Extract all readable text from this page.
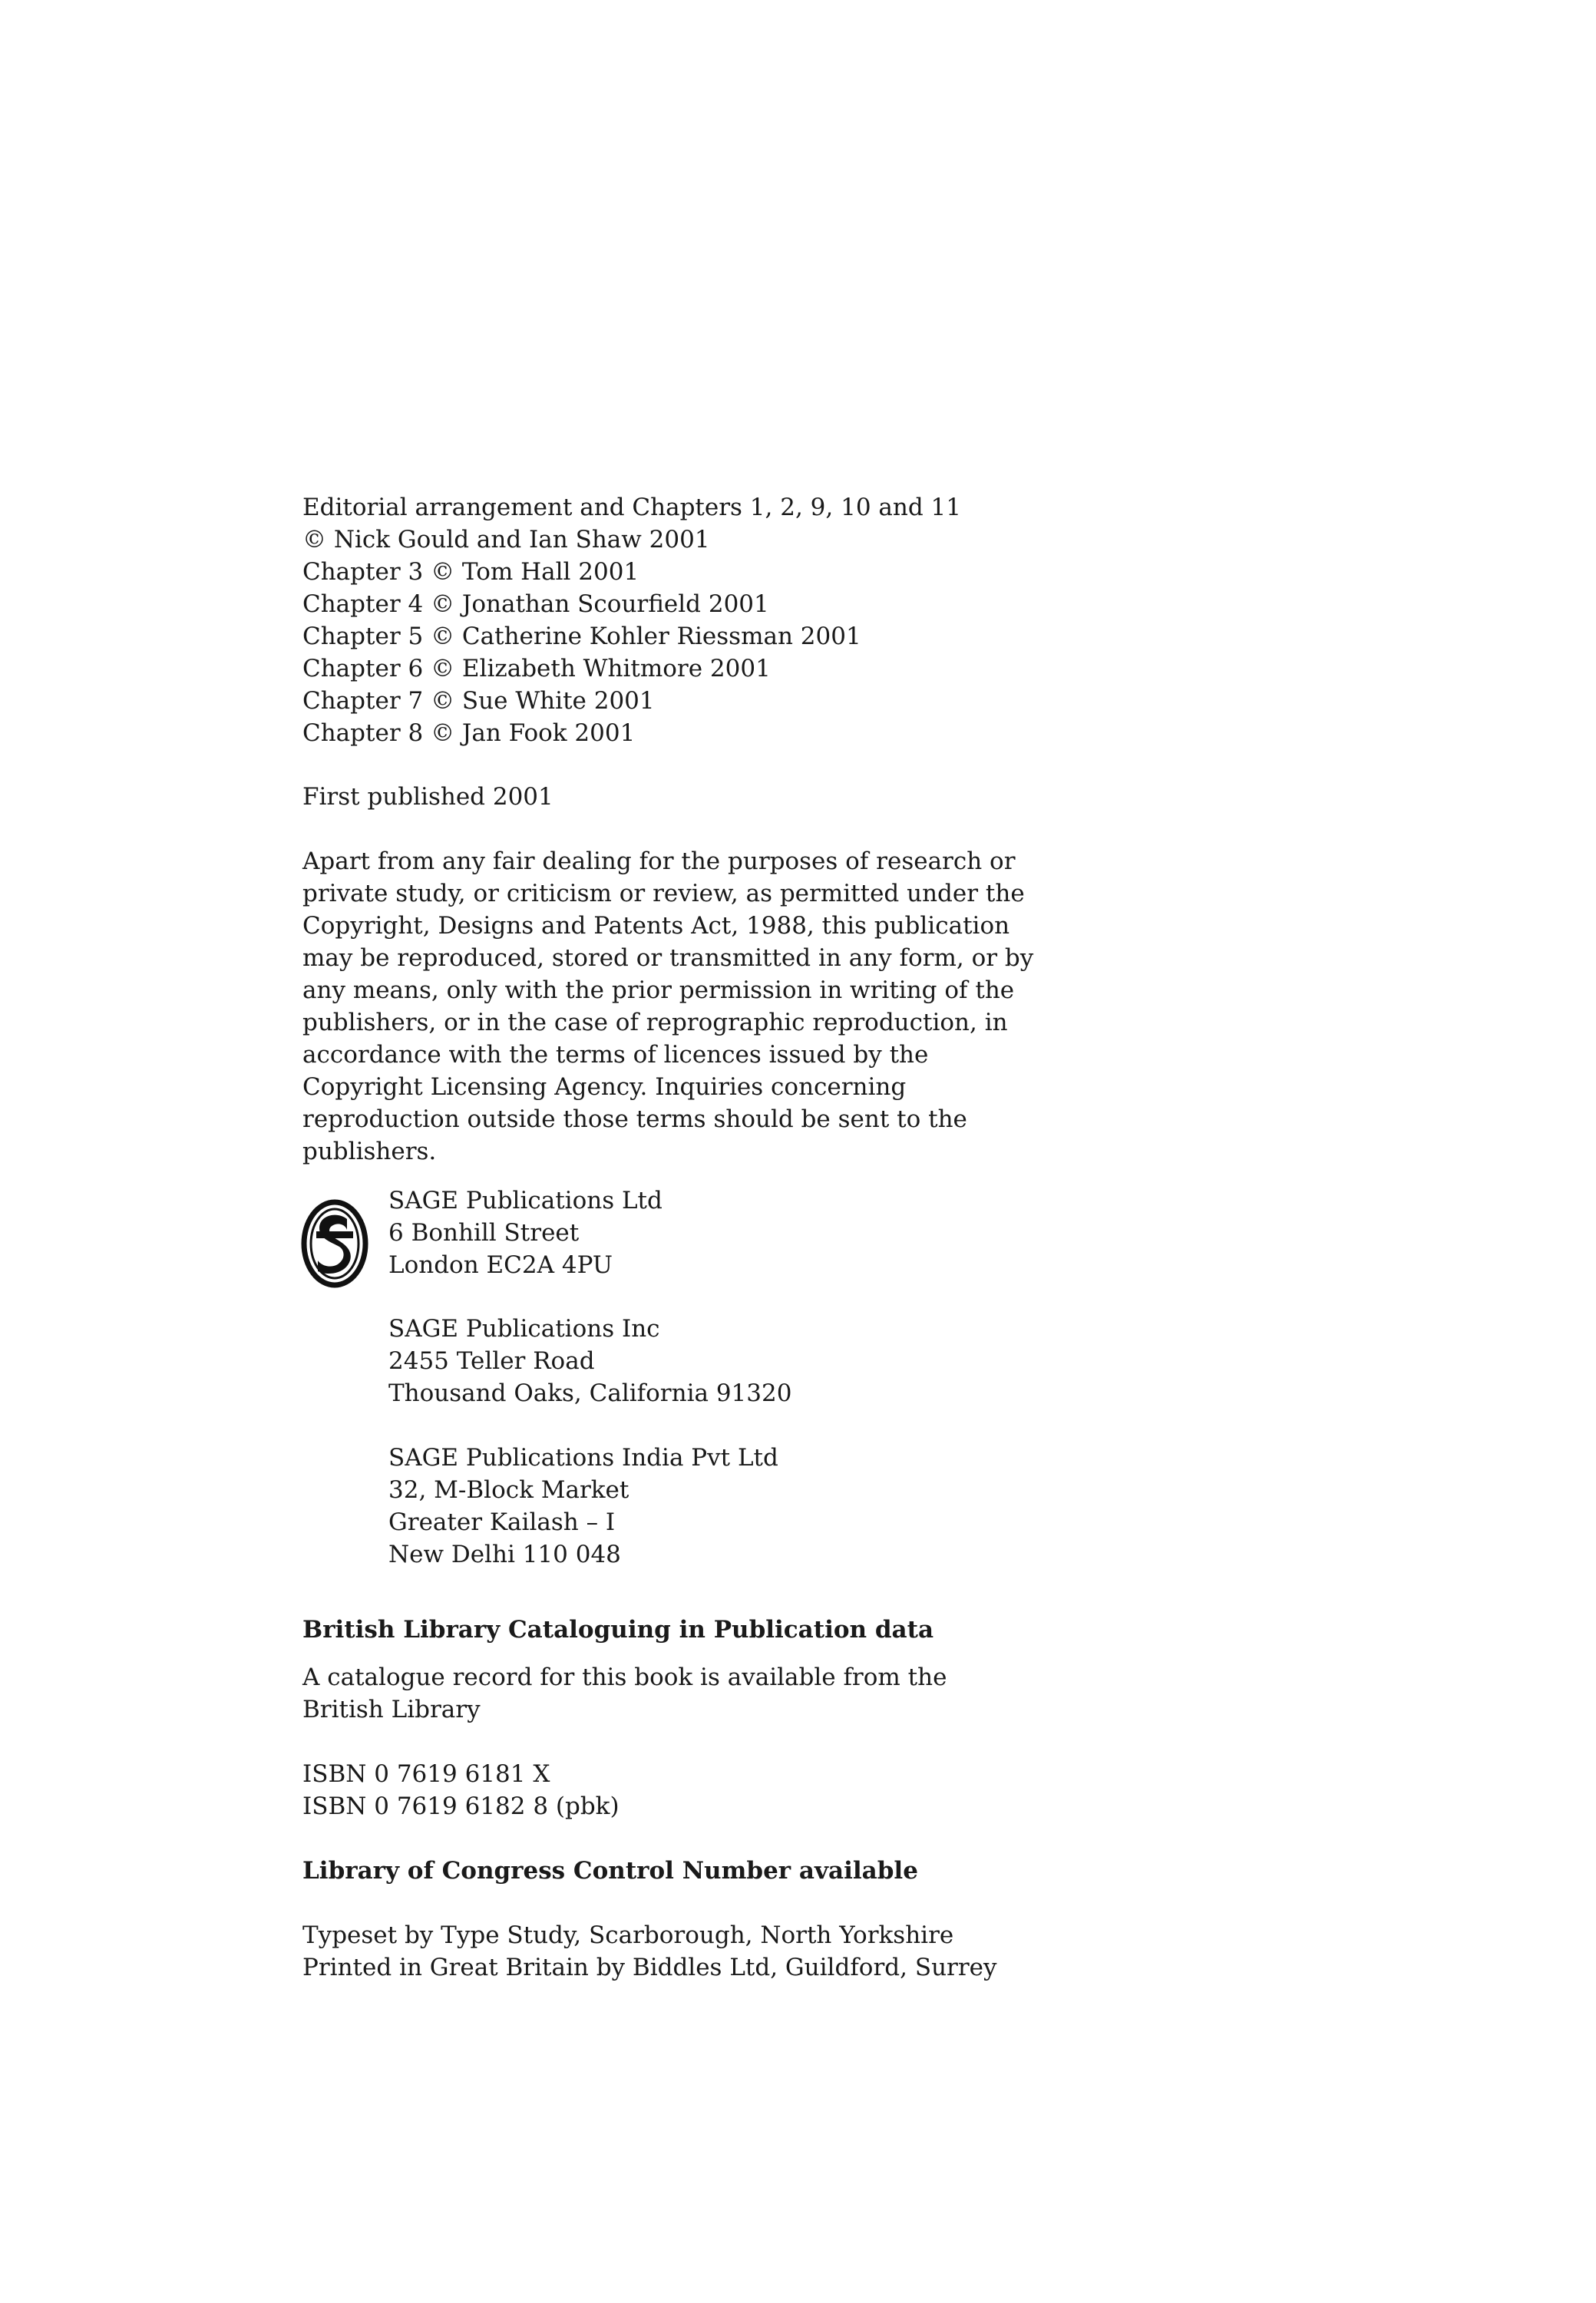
Editorial arrangement and Chapters 1, 2, 9, 10 and 11
© Nick Gould and Ian Shaw 2001
Chapter 3 © Tom Hall 2001
Chapter 4 © Jonathan Scourfield 2001
Chapter 5 © Catherine Kohler Riessman 2001
Chapter 6 © Elizabeth Whitmore 2001
Chapter 7 © Sue White 2001
Chapter 8 © Jan Fook 2001
First published 2001
Apart from any fair dealing for the purposes of research or
private study, or criticism or review, as permitted under the
Copyright, Designs and Patents Act, 1988, this publication
may be reproduced, stored or transmitted in any form, or by
any means, only with the prior permission in writing of the
publishers, or in the case of reprographic reproduction, in
accordance with the terms of licences issued by the
Copyright Licensing Agency. Inquiries concerning
reproduction outside those terms should be sent to the
publishers.
SAGE Publications Ltd
6 Bonhill Street
London EC2A 4PU
SAGE Publications Inc
2455 Teller Road
Thousand Oaks, California 91320
SAGE Publications India Pvt Ltd
32, M-Block Market
Greater Kailash – I
New Delhi 110 048
British Library Cataloguing in Publication data
A catalogue record for this book is available from the
British Library
ISBN 0 7619 6181 X
ISBN 0 7619 6182 8 (pbk)
Library of Congress Control Number available
Typeset by Type Study, Scarborough, North Yorkshire
Printed in Great Britain by Biddles Ltd, Guildford, Surrey
